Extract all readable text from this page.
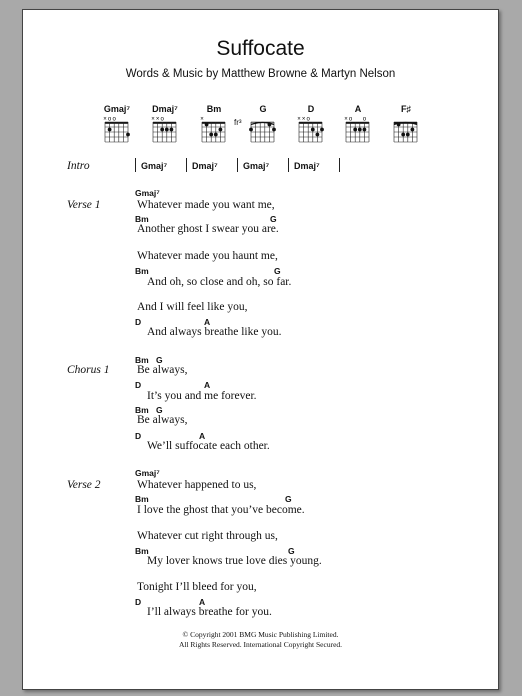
Suffocate
Words & Music by Matthew Browne & Martyn Nelson
Gmaj⁷
× o o
Dmaj⁷
× × o
Bm
×
G
fr³
D
× × o
A
× o o
F♯
Intro	Gmaj⁷	Dmaj⁷	Gmaj⁷	Dmaj⁷
Verse 1
Gmaj⁷
Whatever made you want me,
Bm	G
Another ghost I swear you are.
Whatever made you haunt me,
Bm	G
And oh, so close and oh, so far.
And I will feel like you,
D	A
And always breathe like you.
Chorus 1
Bm G
Be always,
D	A
It’s you and me forever.
Bm G
Be always,
D	A
We’ll suffocate each other.
Verse 2
Gmaj⁷
Whatever happened to us,
Bm	G
I love the ghost that you’ve become.
Whatever cut right through us,
Bm	G
My lover knows true love dies young.
Tonight I’ll bleed for you,
D	A
I’ll always breathe for you.
© Copyright 2001 BMG Music Publishing Limited.
All Rights Reserved. International Copyright Secured.
